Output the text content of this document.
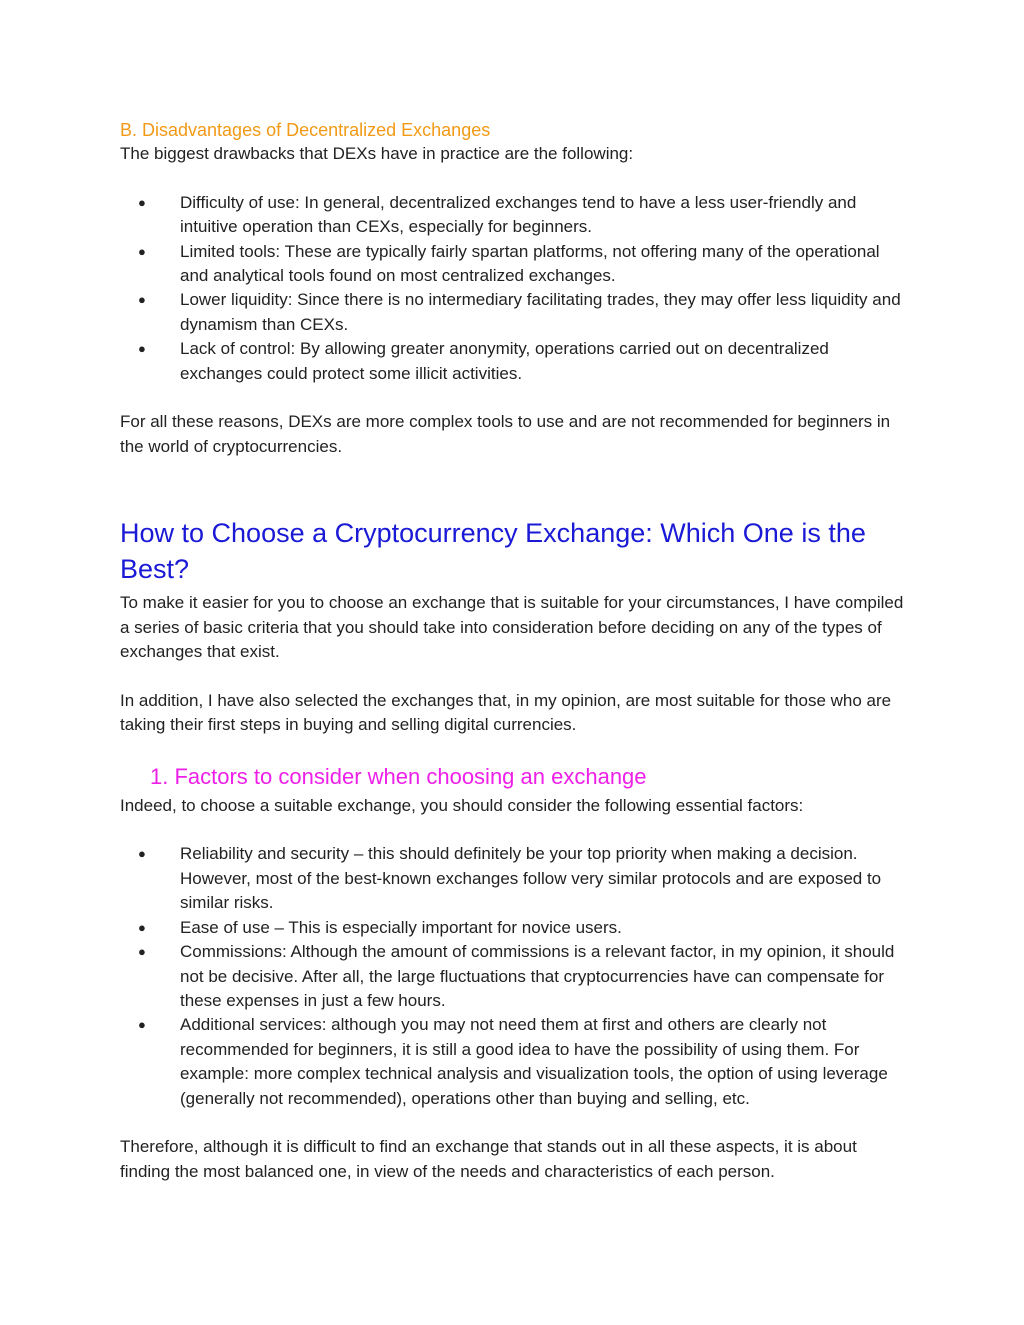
B. Disadvantages of Decentralized Exchanges

The biggest drawbacks that DEXs have in practice are the following:

● Difficulty of use: In general, decentralized exchanges tend to have a less user-friendly and intuitive operation than CEXs, especially for beginners.
● Limited tools: These are typically fairly spartan platforms, not offering many of the operational and analytical tools found on most centralized exchanges.
● Lower liquidity: Since there is no intermediary facilitating trades, they may offer less liquidity and dynamism than CEXs.
● Lack of control: By allowing greater anonymity, operations carried out on decentralized exchanges could protect some illicit activities.

For all these reasons, DEXs are more complex tools to use and are not recommended for beginners in the world of cryptocurrencies.

How to Choose a Cryptocurrency Exchange: Which One is the Best?

To make it easier for you to choose an exchange that is suitable for your circumstances, I have compiled a series of basic criteria that you should take into consideration before deciding on any of the types of exchanges that exist.

In addition, I have also selected the exchanges that, in my opinion, are most suitable for those who are taking their first steps in buying and selling digital currencies.

1. Factors to consider when choosing an exchange

Indeed, to choose a suitable exchange, you should consider the following essential factors:

● Reliability and security – this should definitely be your top priority when making a decision. However, most of the best-known exchanges follow very similar protocols and are exposed to similar risks.
● Ease of use – This is especially important for novice users.
● Commissions: Although the amount of commissions is a relevant factor, in my opinion, it should not be decisive. After all, the large fluctuations that cryptocurrencies have can compensate for these expenses in just a few hours.
● Additional services: although you may not need them at first and others are clearly not recommended for beginners, it is still a good idea to have the possibility of using them. For example: more complex technical analysis and visualization tools, the option of using leverage (generally not recommended), operations other than buying and selling, etc.

Therefore, although it is difficult to find an exchange that stands out in all these aspects, it is about finding the most balanced one, in view of the needs and characteristics of each person.
